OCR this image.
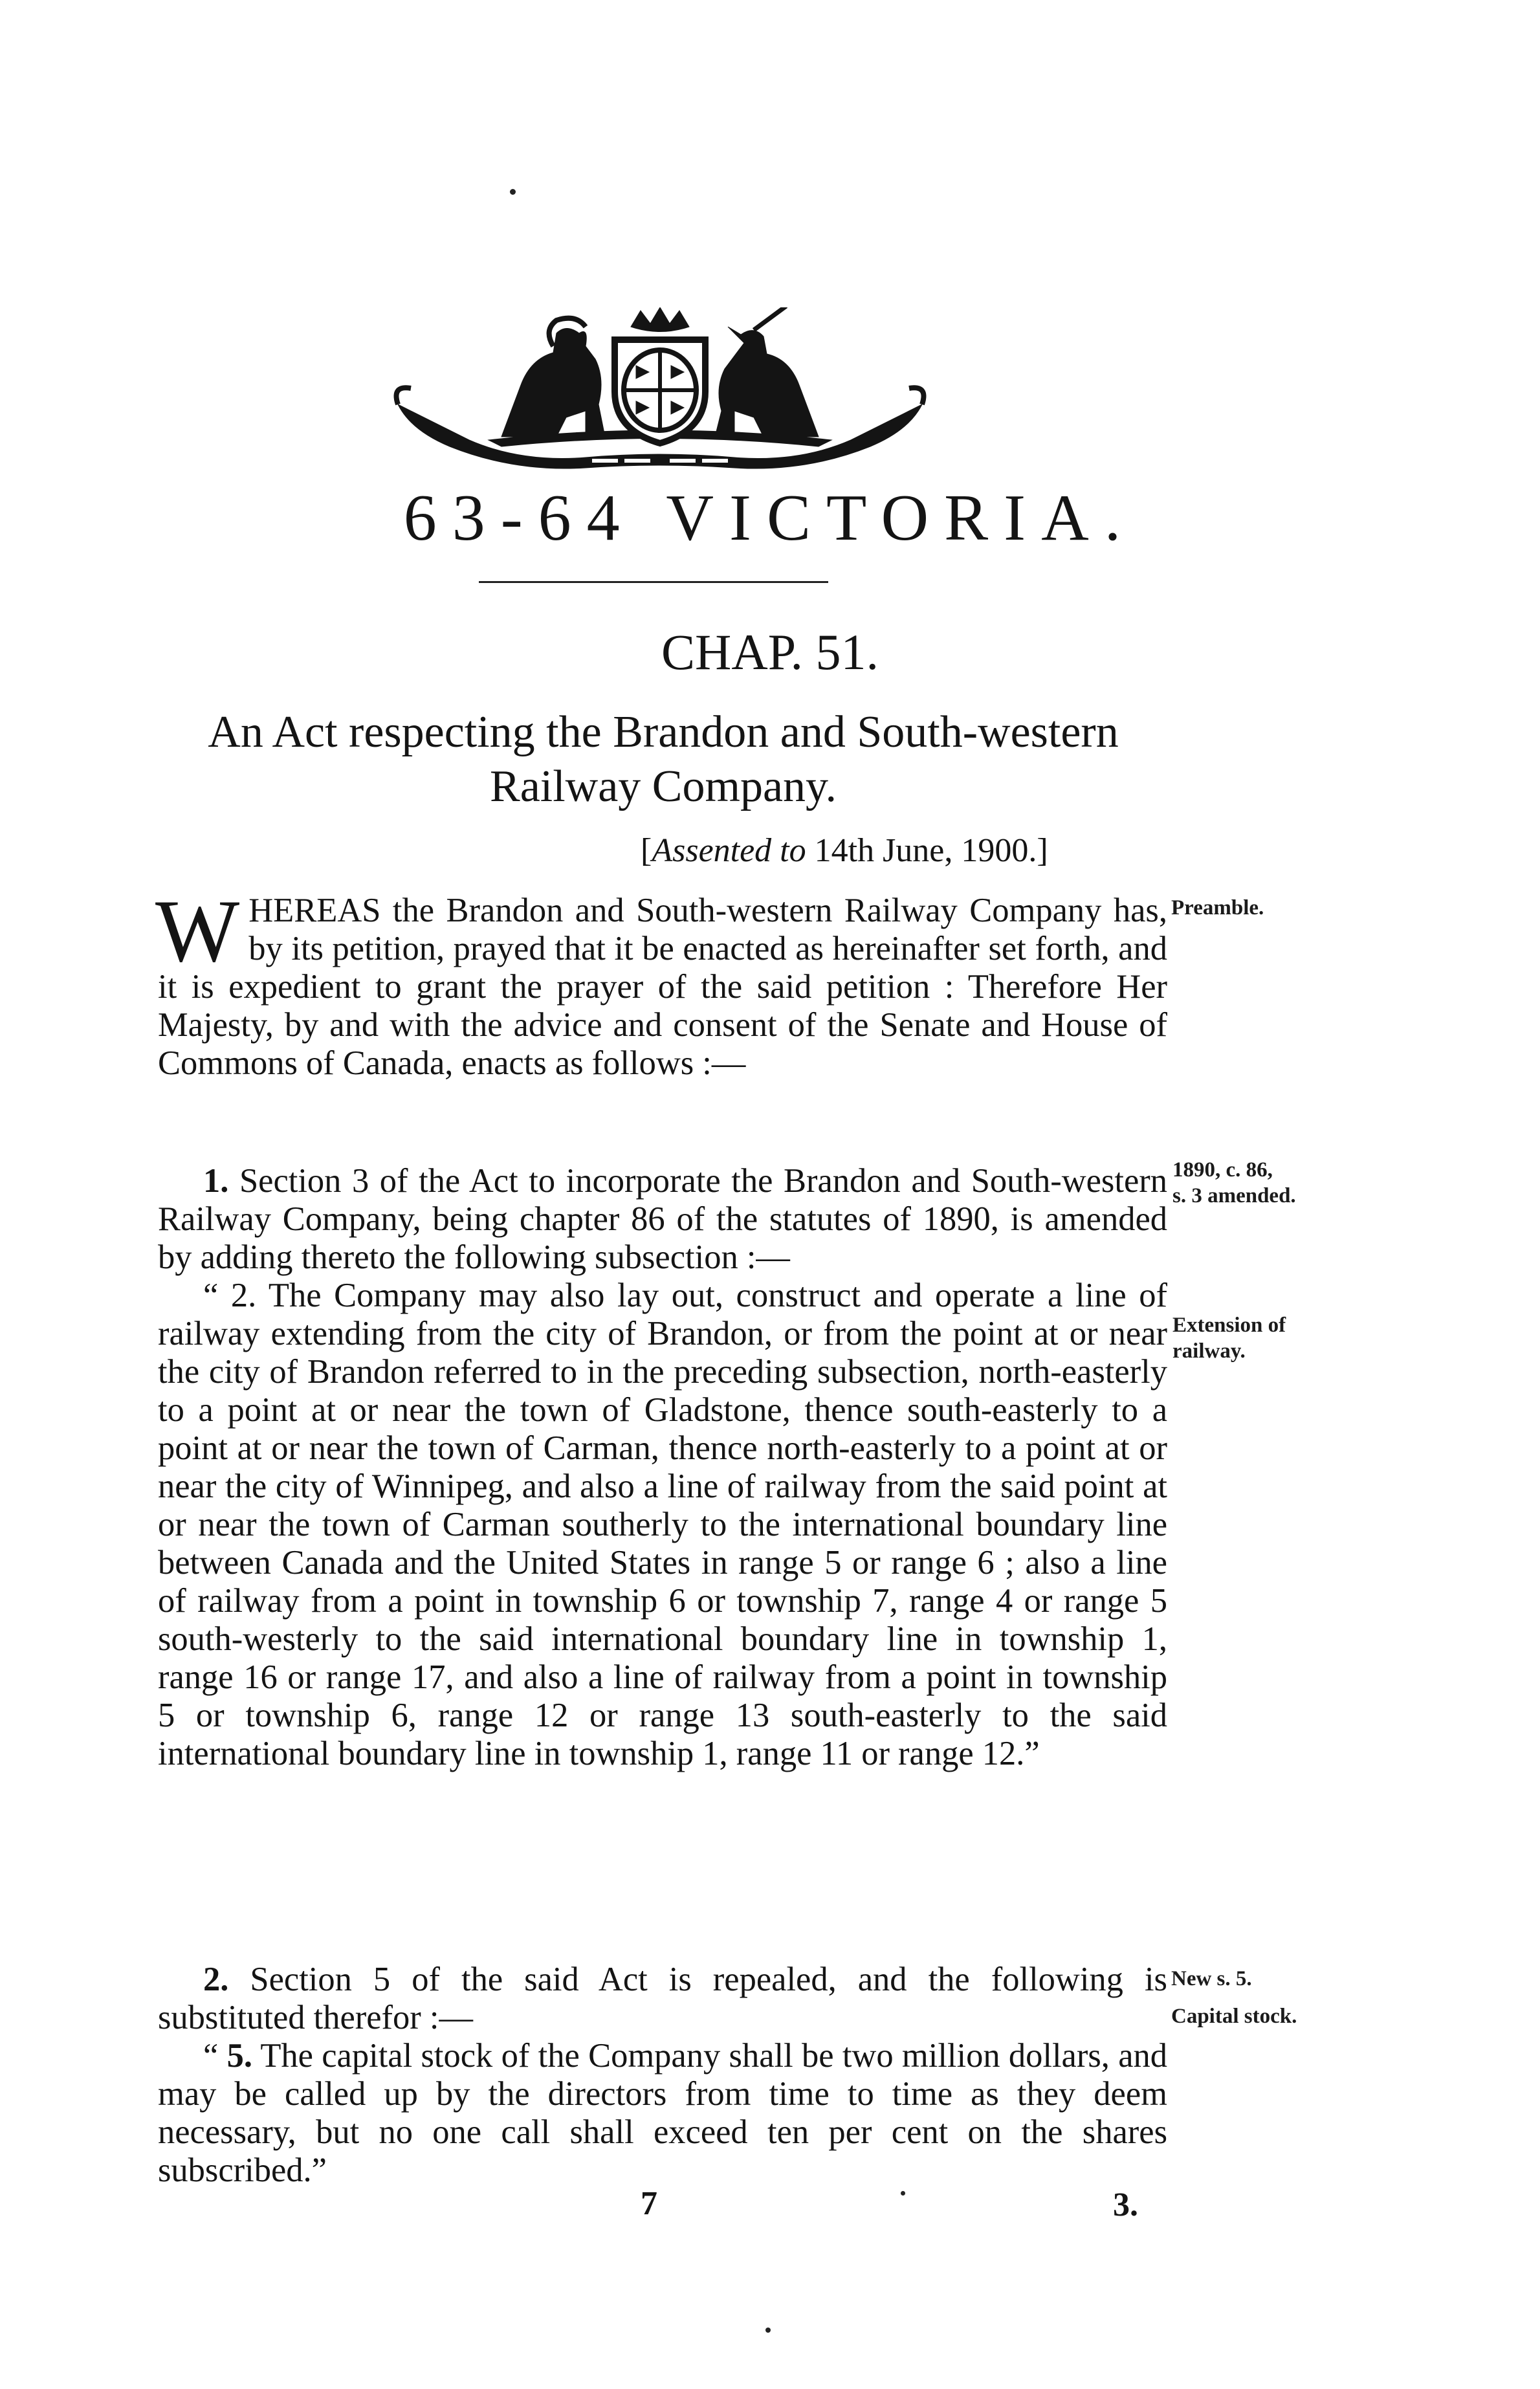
63-64 VICTORIA.
CHAP. 51.
An Act respecting the Brandon and South-western
Railway Company.
[Assented to 14th June, 1900.]

WHEREAS the Brandon and South-western Railway Company has, by its petition, prayed that it be enacted as hereinafter set forth, and it is expedient to grant the prayer of the said petition : Therefore Her Majesty, by and with the advice and consent of the Senate and House of Commons of Canada, enacts as follows :—

1. Section 3 of the Act to incorporate the Brandon and South-western Railway Company, being chapter 86 of the statutes of 1890, is amended by adding thereto the following subsection :—

“ 2. The Company may also lay out, construct and operate a line of railway extending from the city of Brandon, or from the point at or near the city of Brandon referred to in the preceding subsection, north-easterly to a point at or near the town of Gladstone, thence south-easterly to a point at or near the town of Carman, thence north-easterly to a point at or near the city of Winnipeg, and also a line of railway from the said point at or near the town of Carman southerly to the international boundary line between Canada and the United States in range 5 or range 6 ; also a line of railway from a point in township 6 or township 7, range 4 or range 5 south-westerly to the said international boundary line in township 1, range 16 or range 17, and also a line of railway from a point in township 5 or township 6, range 12 or range 13 south-easterly to the said international boundary line in township 1, range 11 or range 12.”

2. Section 5 of the said Act is repealed, and the following is substituted therefor :—

“ 5. The capital stock of the Company shall be two million dollars, and may be called up by the directors from time to time as they deem necessary, but no one call shall exceed ten per cent on the shares subscribed.”

Preamble.
1890, c. 86,
s. 3 amended.
Extension of
railway.
New s. 5.
Capital stock.
7	3.
